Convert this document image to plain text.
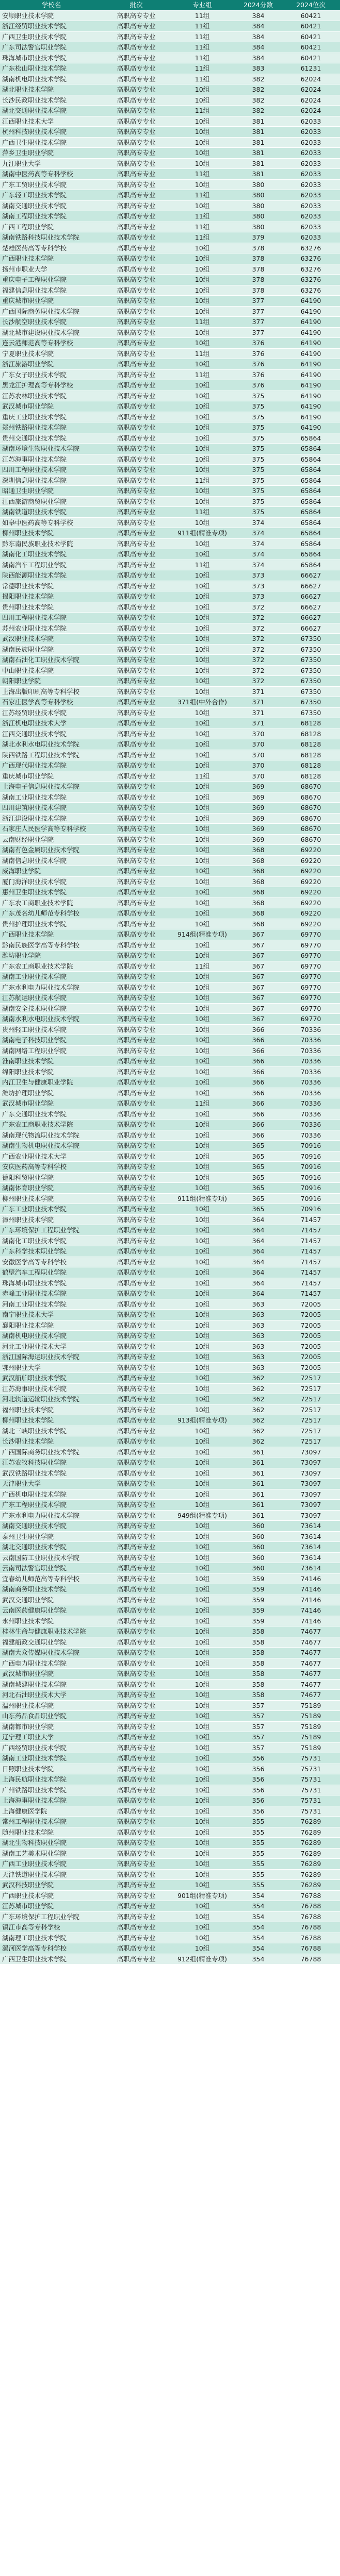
学校名	批次	专业组	2024分数	2024位次
安顺职业技术学院	高职高专专业	11组	384	60421
浙江经贸职业技术学院	高职高专专业	11组	384	60421
广西卫生职业技术学院	高职高专专业	11组	384	60421
广东司法警官职业学院	高职高专专业	11组	384	60421
珠海城市职业技术学院	高职高专专业	11组	384	60421
广东松山职业技术学院	高职高专专业	11组	383	61231
湖南机电职业技术学院	高职高专专业	11组	382	62024
湖北职业技术学院	高职高专专业	10组	382	62024
长沙民政职业技术学院	高职高专专业	10组	382	62024
湖北交通职业技术学院	高职高专专业	11组	382	62024
江西职业技术大学	高职高专专业	10组	381	62033
杭州科技职业技术学院	高职高专专业	10组	381	62033
广西卫生职业技术学院	高职高专专业	10组	381	62033
萍乡卫生职业学院	高职高专专业	10组	381	62033
九江职业大学	高职高专专业	10组	381	62033
湖南中医药高等专科学校	高职高专专业	11组	381	62033
广东工贸职业技术学院	高职高专专业	10组	380	62033
广东轻工职业技术学院	高职高专专业	11组	380	62033
湖南交通职业技术学院	高职高专专业	10组	380	62033
湖南工程职业技术学院	高职高专专业	11组	380	62033
广西工程职业学院	高职高专专业	11组	380	62033
湖南铁路科技职业技术学院	高职高专专业	11组	379	62033
楚雄医药高等专科学校	高职高专专业	10组	378	63276
广西职业技术学院	高职高专专业	10组	378	63276
扬州市职业大学	高职高专专业	10组	378	63276
重庆电子工程职业学院	高职高专专业	10组	378	63276
福建信息职业技术学院	高职高专专业	10组	378	63276
重庆城市职业学院	高职高专专业	10组	377	64190
广西国际商务职业技术学院	高职高专专业	10组	377	64190
长沙航空职业技术学院	高职高专专业	11组	377	64190
湖北城市建设职业技术学院	高职高专专业	10组	377	64190
连云港师范高等专科学校	高职高专专业	10组	376	64190
宁夏职业技术学院	高职高专专业	11组	376	64190
浙江旅游职业学院	高职高专专业	10组	376	64190
广东女子职业技术学院	高职高专专业	11组	376	64190
黑龙江护理高等专科学校	高职高专专业	10组	376	64190
江苏农林职业技术学院	高职高专专业	10组	375	64190
武汉城市职业学院	高职高专专业	10组	375	64190
重庆工业职业技术学院	高职高专专业	10组	375	64190
郑州铁路职业技术学院	高职高专专业	10组	375	64190
贵州交通职业技术学院	高职高专专业	10组	375	65864
湖南环境生物职业技术学院	高职高专专业	10组	375	65864
江苏海事职业技术学院	高职高专专业	10组	375	65864
四川工程职业技术学院	高职高专专业	10组	375	65864
深圳信息职业技术学院	高职高专专业	11组	375	65864
昭通卫生职业学院	高职高专专业	10组	375	65864
江西旅游商贸职业学院	高职高专专业	10组	375	65864
湖南铁道职业技术学院	高职高专专业	11组	375	65864
如皋中医药高等专科学校	高职高专专业	10组	374	65864
柳州职业技术学院	高职高专专业	911组(精准专项)	374	65864
黔东南民族职业技术学院	高职高专专业	10组	374	65864
湖南化工职业技术学院	高职高专专业	10组	374	65864
湖南汽车工程职业学院	高职高专专业	11组	374	65864
陕西能源职业技术学院	高职高专专业	10组	373	66627
常德职业技术学院	高职高专专业	10组	373	66627
揭阳职业技术学院	高职高专专业	10组	373	66627
贵州职业技术学院	高职高专专业	10组	372	66627
四川工程职业技术学院	高职高专专业	10组	372	66627
苏州农业职业技术学院	高职高专专业	10组	372	66627
武汉职业技术学院	高职高专专业	10组	372	67350
湖南民族职业学院	高职高专专业	10组	372	67350
湖南石油化工职业技术学院	高职高专专业	10组	372	67350
中山职业技术学院	高职高专专业	10组	372	67350
朝阳职业学院	高职高专专业	10组	372	67350
上海出版印刷高等专科学校	高职高专专业	10组	371	67350
石家庄医学高等专科学校	高职高专专业	371组(中外合作)	371	67350
江苏经贸职业技术学院	高职高专专业	10组	371	67350
浙江机电职业技术大学	高职高专专业	10组	371	68128
江西交通职业技术学院	高职高专专业	10组	370	68128
湖北水利水电职业技术学院	高职高专专业	10组	370	68128
陕西铁路工程职业技术学院	高职高专专业	10组	370	68128
广西现代职业技术学院	高职高专专业	10组	370	68128
重庆城市职业学院	高职高专专业	11组	370	68128
上海电子信息职业技术学院	高职高专专业	10组	369	68670
湖南工业职业技术学院	高职高专专业	10组	369	68670
四川建筑职业技术学院	高职高专专业	10组	369	68670
浙江建设职业技术学院	高职高专专业	10组	369	68670
石家庄人民医学高等专科学校	高职高专专业	10组	369	68670
云南财经职业学院	高职高专专业	10组	369	68670
湖南有色金属职业技术学院	高职高专专业	10组	368	69220
湖南信息职业技术学院	高职高专专业	10组	368	69220
威海职业学院	高职高专专业	10组	368	69220
厦门海洋职业技术学院	高职高专专业	10组	368	69220
惠州卫生职业技术学院	高职高专专业	10组	368	69220
广东农工商职业技术学院	高职高专专业	10组	368	69220
广东茂名幼儿师范专科学校	高职高专专业	10组	368	69220
贵州护理职业技术学院	高职高专专业	10组	368	69220
广西职业技术学院	高职高专专业	914组(精准专项)	367	69770
黔南民族医学高等专科学校	高职高专专业	10组	367	69770
潍坊职业学院	高职高专专业	10组	367	69770
广东农工商职业技术学院	高职高专专业	11组	367	69770
湖南工业职业技术学院	高职高专专业	10组	367	69770
广东水利电力职业技术学院	高职高专专业	10组	367	69770
江苏航运职业技术学院	高职高专专业	10组	367	69770
湖南安全技术职业学院	高职高专专业	10组	367	69770
湖南水利水电职业技术学院	高职高专专业	10组	367	69770
贵州轻工职业技术学院	高职高专专业	10组	366	70336
湖南电子科技职业学院	高职高专专业	10组	366	70336
湖南网络工程职业学院	高职高专专业	10组	366	70336
淮南职业技术学院	高职高专专业	10组	366	70336
绵阳职业技术学院	高职高专专业	10组	366	70336
内江卫生与健康职业学院	高职高专专业	10组	366	70336
潍坊护理职业学院	高职高专专业	10组	366	70336
武汉城市职业学院	高职高专专业	11组	366	70336
广东交通职业技术学院	高职高专专业	10组	366	70336
广东农工商职业技术学院	高职高专专业	10组	366	70336
湖南现代物流职业技术学院	高职高专专业	10组	366	70336
湖南生物机电职业技术学院	高职高专专业	10组	365	70916
广西农业职业技术大学	高职高专专业	10组	365	70916
安庆医药高等专科学校	高职高专专业	10组	365	70916
德阳科贸职业学院	高职高专专业	10组	365	70916
湖南体育职业学院	高职高专专业	10组	365	70916
柳州职业技术学院	高职高专专业	911组(精准专项)	365	70916
广东工业职业技术学院	高职高专专业	10组	365	70916
漳州职业技术学院	高职高专专业	10组	364	71457
广东环境保护工程职业学院	高职高专专业	10组	364	71457
湖南化工职业技术学院	高职高专专业	10组	364	71457
广东科学技术职业学院	高职高专专业	10组	364	71457
安徽医学高等专科学校	高职高专专业	10组	364	71457
鹤壁汽车工程职业学院	高职高专专业	10组	364	71457
珠海城市职业技术学院	高职高专专业	10组	364	71457
赤峰工业职业技术学院	高职高专专业	10组	364	71457
河南工业职业技术学院	高职高专专业	10组	363	72005
南宁职业技术大学	高职高专专业	10组	363	72005
襄阳职业技术学院	高职高专专业	10组	363	72005
湖南机电职业技术学院	高职高专专业	10组	363	72005
河北工业职业技术大学	高职高专专业	10组	363	72005
浙江国际海运职业技术学院	高职高专专业	10组	363	72005
鄂州职业大学	高职高专专业	10组	363	72005
武汉船舶职业技术学院	高职高专专业	10组	362	72517
江苏海事职业技术学院	高职高专专业	10组	362	72517
河北轨道运输职业技术学院	高职高专专业	10组	362	72517
福州职业技术学院	高职高专专业	10组	362	72517
柳州职业技术学院	高职高专专业	913组(精准专项)	362	72517
湖北三峡职业技术学院	高职高专专业	10组	362	72517
长沙职业技术学院	高职高专专业	10组	362	72517
广西国际商务职业技术学院	高职高专专业	10组	361	73097
江苏农牧科技职业学院	高职高专专业	10组	361	73097
武汉铁路职业技术学院	高职高专专业	10组	361	73097
天津职业大学	高职高专专业	10组	361	73097
广西机电职业技术学院	高职高专专业	10组	361	73097
广东工程职业技术学院	高职高专专业	10组	361	73097
广东水利电力职业技术学院	高职高专专业	949组(精准专项)	361	73097
湖南交通职业技术学院	高职高专专业	10组	360	73614
泰州卫生职业学院	高职高专专业	10组	360	73614
湖北交通职业技术学院	高职高专专业	10组	360	73614
云南国防工业职业技术学院	高职高专专业	10组	360	73614
云南司法警官职业学院	高职高专专业	10组	360	73614
宜春幼儿师范高等专科学校	高职高专专业	10组	359	74146
湖南商务职业技术学院	高职高专专业	10组	359	74146
武汉交通职业学院	高职高专专业	10组	359	74146
云南医药健康职业学院	高职高专专业	10组	359	74146
永州职业技术学院	高职高专专业	10组	359	74146
桂林生命与健康职业技术学院	高职高专专业	10组	358	74677
福建船政交通职业学院	高职高专专业	10组	358	74677
湖南大众传媒职业技术学院	高职高专专业	10组	358	74677
广西电力职业技术学院	高职高专专业	10组	358	74677
武汉城市职业学院	高职高专专业	10组	358	74677
湖南城建职业技术学院	高职高专专业	10组	358	74677
河北石油职业技术大学	高职高专专业	10组	358	74677
温州职业技术学院	高职高专专业	10组	357	75189
山东药品食品职业学院	高职高专专业	10组	357	75189
湖南都市职业学院	高职高专专业	10组	357	75189
辽宁理工职业大学	高职高专专业	10组	357	75189
广西经贸职业技术学院	高职高专专业	10组	357	75189
湖南工业职业技术学院	高职高专专业	10组	356	75731
日照职业技术学院	高职高专专业	10组	356	75731
上海民航职业技术学院	高职高专专业	10组	356	75731
广州铁路职业技术学院	高职高专专业	10组	356	75731
上海海事职业技术学院	高职高专专业	10组	356	75731
上海健康医学院	高职高专专业	10组	356	75731
常州工程职业技术学院	高职高专专业	10组	355	76289
随州职业技术学院	高职高专专业	10组	355	76289
湖北生物科技职业学院	高职高专专业	10组	355	76289
湖南工艺美术职业学院	高职高专专业	10组	355	76289
广西工业职业技术学院	高职高专专业	10组	355	76289
天津铁道职业技术学院	高职高专专业	10组	355	76289
武汉科技职业学院	高职高专专业	10组	355	76289
广西职业技术学院	高职高专专业	901组(精准专项)	354	76788
江苏城市职业学院	高职高专专业	10组	354	76788
广东环境保护工程职业学院	高职高专专业	10组	354	76788
镇江市高等专科学校	高职高专专业	10组	354	76788
湖南理工职业技术学院	高职高专专业	10组	354	76788
漯河医学高等专科学校	高职高专专业	10组	354	76788
广西卫生职业技术学院	高职高专专业	912组(精准专项)	354	76788
